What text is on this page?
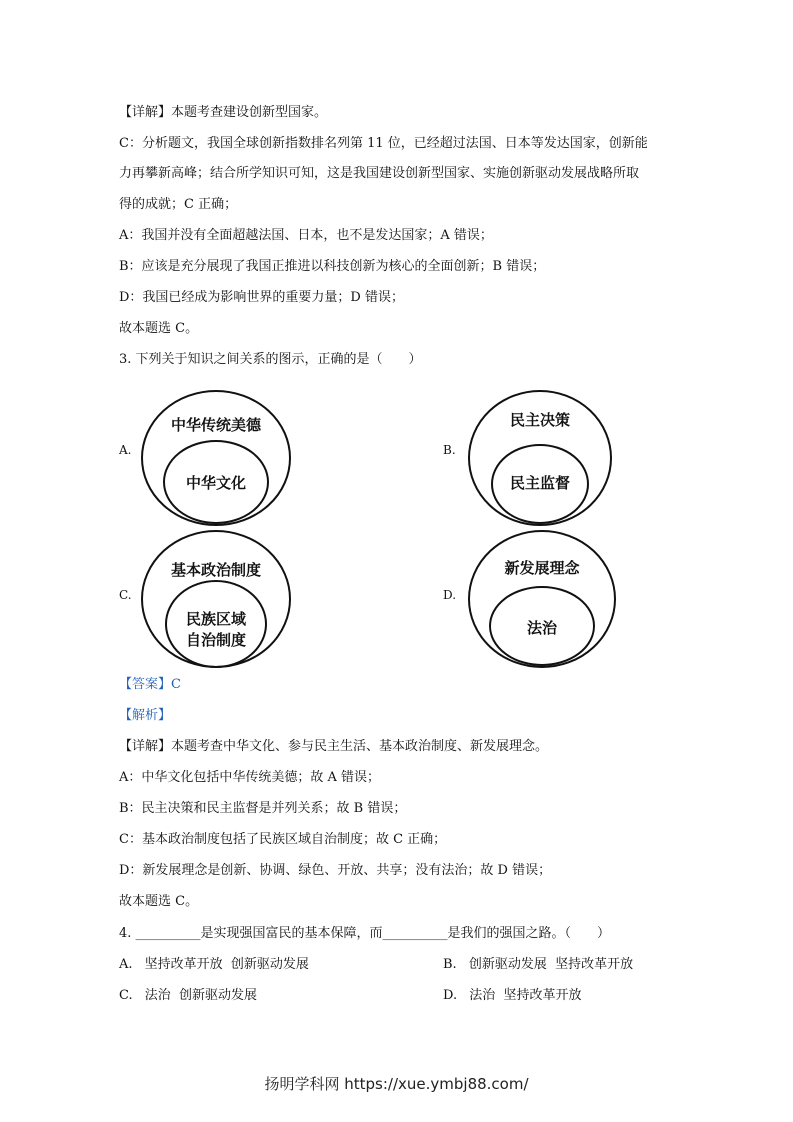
【详解】本题考查建设创新型国家。
C：分析题文，我国全球创新指数排名列第 11 位，已经超过法国、日本等发达国家，创新能
力再攀新高峰；结合所学知识可知，这是我国建设创新型国家、实施创新驱动发展战略所取
得的成就；C 正确；
A：我国并没有全面超越法国、日本，也不是发达国家；A 错误；
B：应该是充分展现了我国正推进以科技创新为核心的全面创新；B 错误；
D：我国已经成为影响世界的重要力量；D 错误；
故本题选 C。
3. 下列关于知识之间关系的图示，正确的是（　　）
A.
中华传统美德
中华文化
B.
民主决策
民主监督
C.
基本政治制度
民族区域
自治制度
D.
新发展理念
法治
【答案】C
【解析】
【详解】本题考查中华文化、参与民主生活、基本政治制度、新发展理念。
A：中华文化包括中华传统美德；故 A 错误；
B：民主决策和民主监督是并列关系；故 B 错误；
C：基本政治制度包括了民族区域自治制度；故 C 正确；
D：新发展理念是创新、协调、绿色、开放、共享；没有法治；故 D 错误；
故本题选 C。
4. __________是实现强国富民的基本保障，而__________是我们的强国之路。（　　）
A. 坚持改革开放  创新驱动发展	B. 创新驱动发展  坚持改革开放
C. 法治  创新驱动发展	D. 法治  坚持改革开放
扬明学科网 https://xue.ymbj88.com/
